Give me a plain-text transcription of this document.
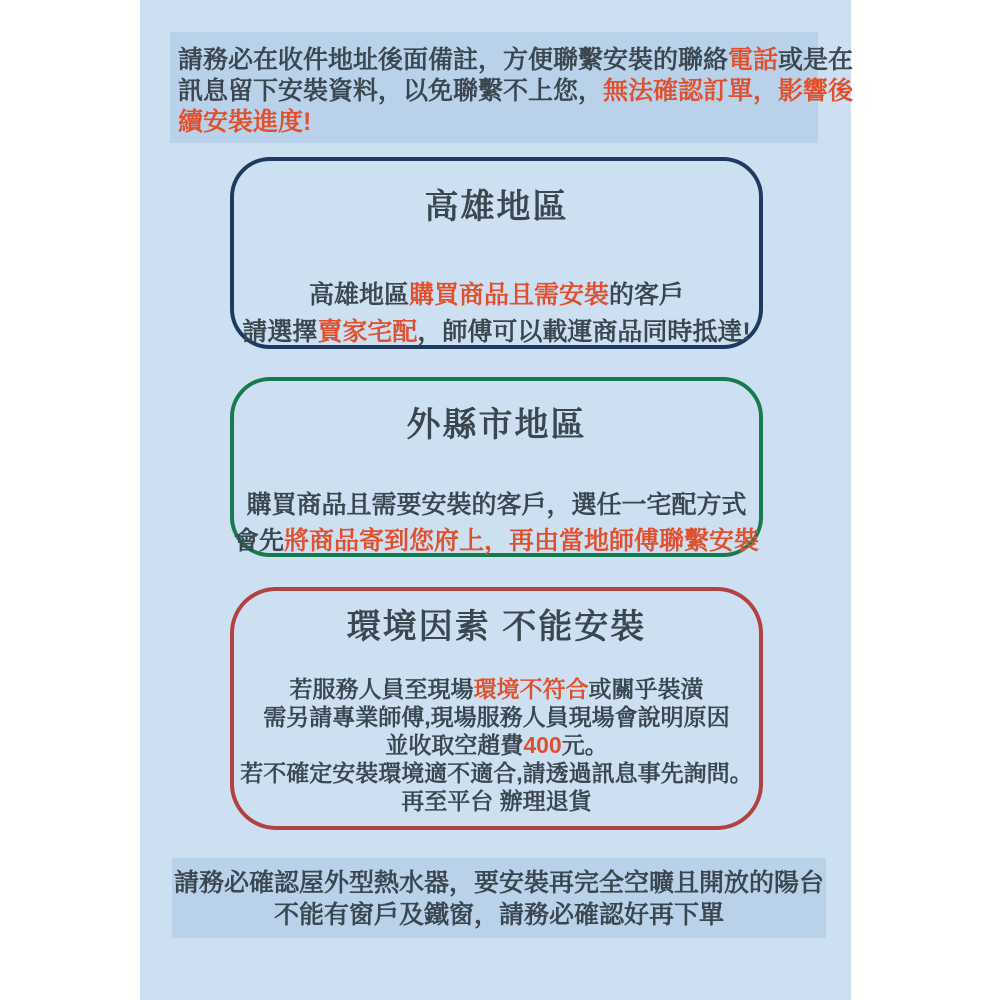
請務必在收件地址後面備註，方便聯繫安裝的聯絡電話或是在
訊息留下安裝資料，以免聯繫不上您，無法確認訂單，影響後
續安裝進度!
高雄地區
高雄地區購買商品且需安裝的客戶
請選擇賣家宅配，師傅可以載運商品同時抵達!
外縣市地區
購買商品且需要安裝的客戶，選任一宅配方式
會先將商品寄到您府上，再由當地師傅聯繫安裝
環境因素 不能安裝
若服務人員至現場環境不符合或關乎裝潢
需另請專業師傅,現場服務人員現場會說明原因
並收取空趙費400元。
若不確定安裝環境適不適合,請透過訊息事先詢問。
再至平台 辦理退貨
請務必確認屋外型熱水器，要安裝再完全空曠且開放的陽台
不能有窗戶及鐵窗，請務必確認好再下單
